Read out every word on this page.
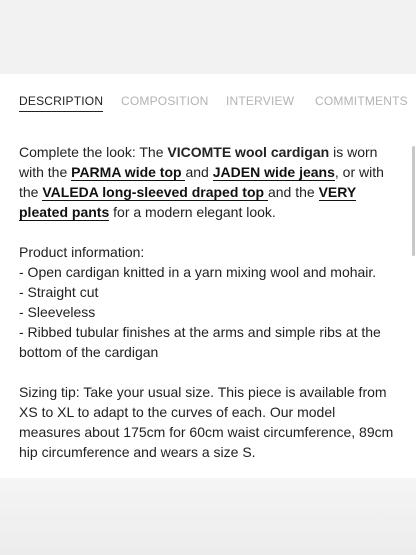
DESCRIPTION COMPOSITION INTERVIEW COMMITMENTS

Complete the look: The VICOMTE wool cardigan is worn with the PARMA wide top and JADEN wide jeans, or with the VALEDA long-sleeved draped top and the VERY pleated pants for a modern elegant look.

Product information:

- Open cardigan knitted in a yarn mixing wool and mohair.

- Straight cut

- Sleeveless

- Ribbed tubular finishes at the arms and simple ribs at the bottom of the cardigan

Sizing tip: Take your usual size. This piece is available from XS to XL to adapt to the curves of each. Our model measures about 175cm for 60cm waist circumference, 89cm hip circumference and wears a size S.
